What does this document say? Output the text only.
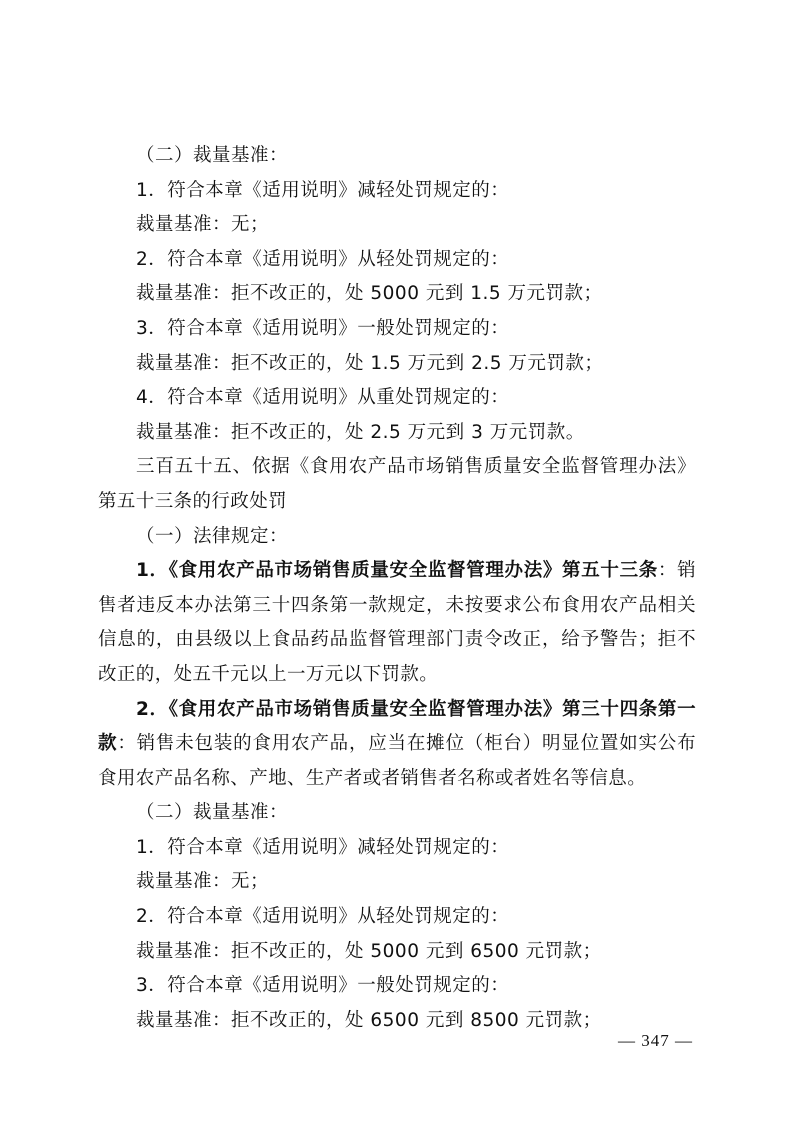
（二）裁量基准：
1．符合本章《适用说明》减轻处罚规定的：
裁量基准：无；
2．符合本章《适用说明》从轻处罚规定的：
裁量基准：拒不改正的，处 5000 元到 1.5 万元罚款；
3．符合本章《适用说明》一般处罚规定的：
裁量基准：拒不改正的，处 1.5 万元到 2.5 万元罚款；
4．符合本章《适用说明》从重处罚规定的：
裁量基准：拒不改正的，处 2.5 万元到 3 万元罚款。
三百五十五、依据《食用农产品市场销售质量安全监督管理办法》第五十三条的行政处罚
（一）法律规定：
1．《食用农产品市场销售质量安全监督管理办法》第五十三条：销售者违反本办法第三十四条第一款规定，未按要求公布食用农产品相关信息的，由县级以上食品药品监督管理部门责令改正，给予警告；拒不改正的，处五千元以上一万元以下罚款。
2．《食用农产品市场销售质量安全监督管理办法》第三十四条第一款：销售未包装的食用农产品，应当在摊位（柜台）明显位置如实公布食用农产品名称、产地、生产者或者销售者名称或者姓名等信息。
（二）裁量基准：
1．符合本章《适用说明》减轻处罚规定的：
裁量基准：无；
2．符合本章《适用说明》从轻处罚规定的：
裁量基准：拒不改正的，处 5000 元到 6500 元罚款；
3．符合本章《适用说明》一般处罚规定的：
裁量基准：拒不改正的，处 6500 元到 8500 元罚款；
— 347 —
